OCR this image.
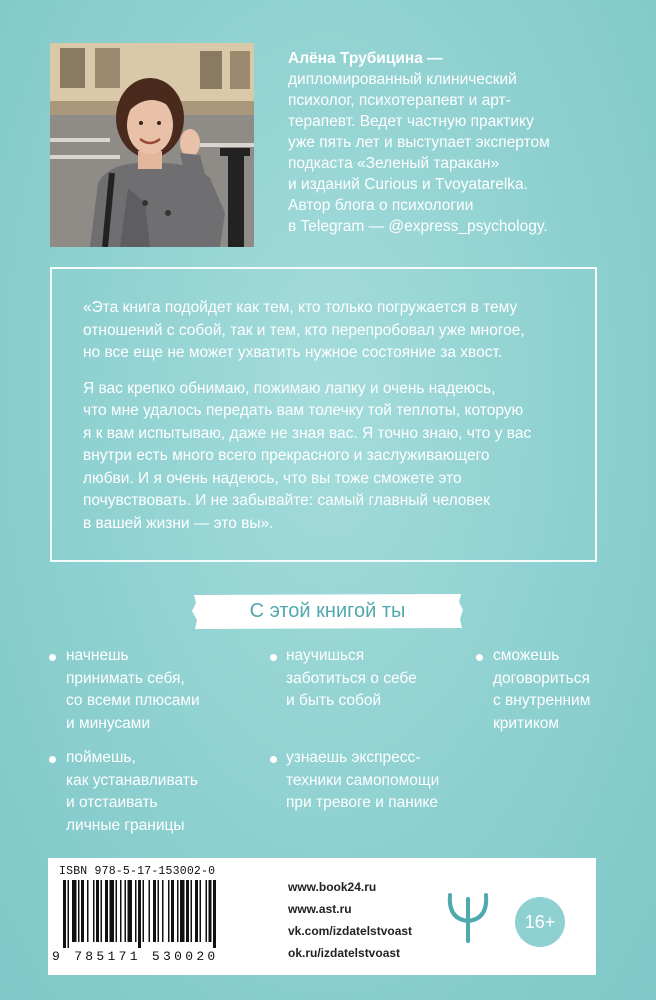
Алёна Трубицина —
дипломированный клинический
психолог, психотерапевт и арт-
терапевт. Ведет частную практику
уже пять лет и выступает экспертом
подкаста «Зеленый таракан»
и изданий Curious и Tvoyatarelka.
Автор блога о психологии
в Telegram — @express_psychology.

«Эта книга подойдет как тем, кто только погружается в тему
отношений с собой, так и тем, кто перепробовал уже многое,
но все еще не может ухватить нужное состояние за хвост.

Я вас крепко обнимаю, пожимаю лапку и очень надеюсь,
что мне удалось передать вам толечку той теплоты, которую
я к вам испытываю, даже не зная вас. Я точно знаю, что у вас
внутри есть много всего прекрасного и заслуживающего
любви. И я очень надеюсь, что вы тоже сможете это
почувствовать. И не забывайте: самый главный человек
в вашей жизни — это вы».

С этой книгой ты
начнешь
принимать себя,
со всеми плюсами
и минусами
научишься
заботиться о себе
и быть собой
сможешь
договориться
с внутренним
критиком
поймешь,
как устанавливать
и отстаивать
личные границы
узнаешь экспресс-
техники самопомощи
при тревоге и панике
ISBN 978-5-17-153002-0
9 785171 530020
www.book24.ru
www.ast.ru
vk.com/izdatelstvoast
ok.ru/izdatelstvoast
16+
